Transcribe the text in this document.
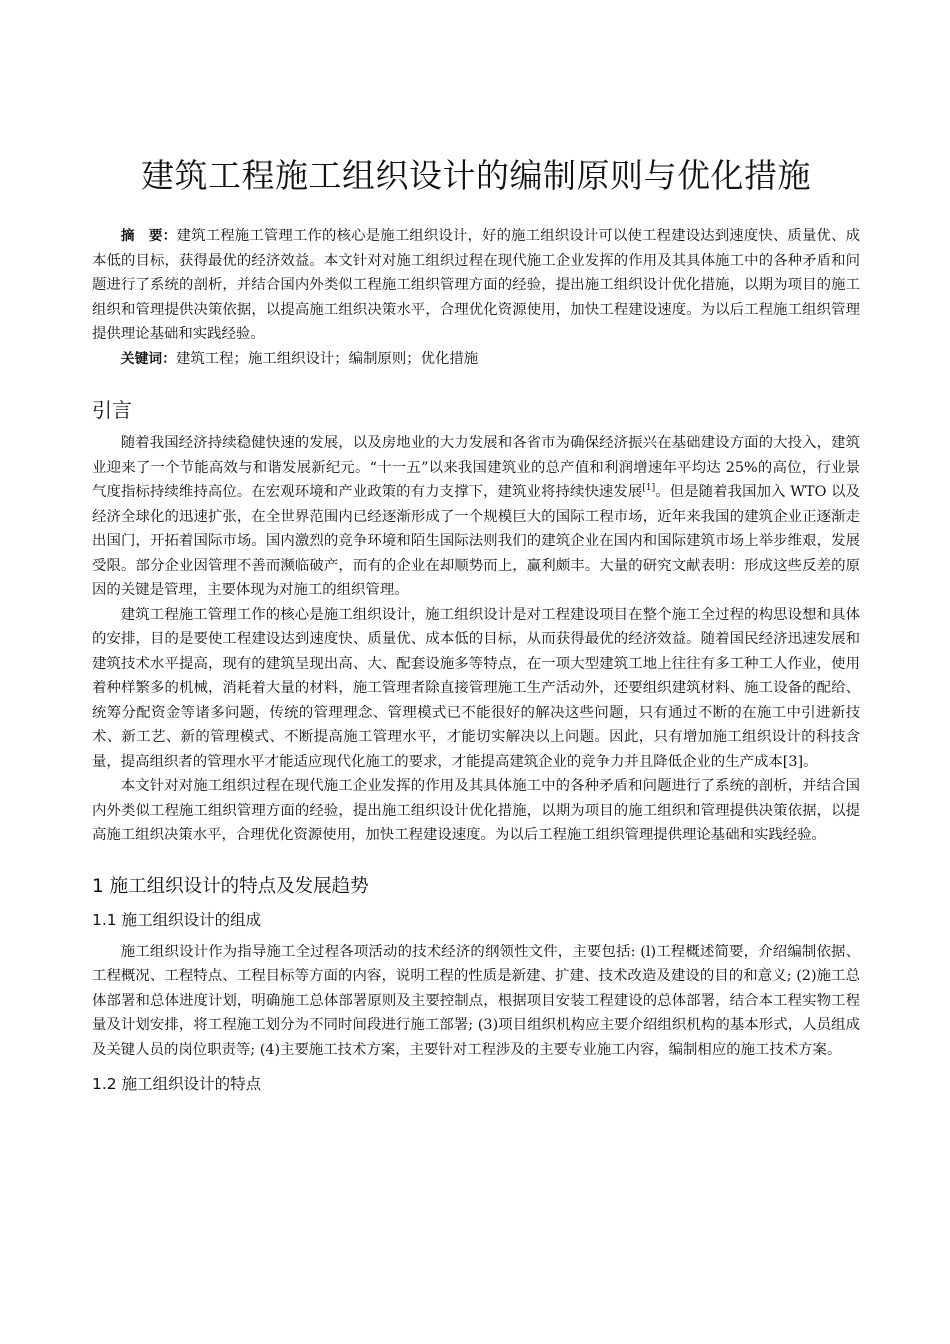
建筑工程施工组织设计的编制原则与优化措施

摘　要：建筑工程施工管理工作的核心是施工组织设计，好的施工组织设计可以使工程建设达到速度快、质量优、成本低的目标，获得最优的经济效益。本文针对对施工组织过程在现代施工企业发挥的作用及其具体施工中的各种矛盾和问题进行了系统的剖析，并结合国内外类似工程施工组织管理方面的经验，提出施工组织设计优化措施，以期为项目的施工组织和管理提供决策依据，以提高施工组织决策水平，合理优化资源使用，加快工程建设速度。为以后工程施工组织管理提供理论基础和实践经验。

关键词：建筑工程；施工组织设计；编制原则；优化措施

引言

随着我国经济持续稳健快速的发展，以及房地业的大力发展和各省市为确保经济振兴在基础建设方面的大投入，建筑业迎来了一个节能高效与和谐发展新纪元。“十一五”以来我国建筑业的总产值和利润增速年平均达 25%的高位，行业景气度指标持续维持高位。在宏观环境和产业政策的有力支撑下，建筑业将持续快速发展[1]。但是随着我国加入 WTO 以及经济全球化的迅速扩张，在全世界范围内已经逐渐形成了一个规模巨大的国际工程市场，近年来我国的建筑企业正逐渐走出国门，开拓着国际市场。国内激烈的竞争环境和陌生国际法则我们的建筑企业在国内和国际建筑市场上举步维艰，发展受限。部分企业因管理不善而濒临破产，而有的企业在却顺势而上，赢利颇丰。大量的研究文献表明：形成这些反差的原因的关键是管理，主要体现为对施工的组织管理。

建筑工程施工管理工作的核心是施工组织设计，施工组织设计是对工程建设项目在整个施工全过程的构思设想和具体的安排，目的是要使工程建设达到速度快、质量优、成本低的目标，从而获得最优的经济效益。随着国民经济迅速发展和建筑技术水平提高，现有的建筑呈现出高、大、配套设施多等特点，在一项大型建筑工地上往往有多工种工人作业，使用着种样繁多的机械，消耗着大量的材料，施工管理者除直接管理施工生产活动外，还要组织建筑材料、施工设备的配给、统筹分配资金等诸多问题，传统的管理理念、管理模式已不能很好的解决这些问题，只有通过不断的在施工中引进新技术、新工艺、新的管理模式、不断提高施工管理水平，才能切实解决以上问题。因此，只有增加施工组织设计的科技含量，提高组织者的管理水平才能适应现代化施工的要求，才能提高建筑企业的竞争力并且降低企业的生产成本[3]。

本文针对对施工组织过程在现代施工企业发挥的作用及其具体施工中的各种矛盾和问题进行了系统的剖析，并结合国内外类似工程施工组织管理方面的经验，提出施工组织设计优化措施，以期为项目的施工组织和管理提供决策依据，以提高施工组织决策水平，合理优化资源使用，加快工程建设速度。为以后工程施工组织管理提供理论基础和实践经验。

1 施工组织设计的特点及发展趋势
1.1 施工组织设计的组成

施工组织设计作为指导施工全过程各项活动的技术经济的纲领性文件，主要包括: (l)工程概述简要，介绍编制依据、工程概况、工程特点、工程目标等方面的内容，说明工程的性质是新建、扩建、技术改造及建设的目的和意义; (2)施工总体部署和总体进度计划，明确施工总体部署原则及主要控制点，根据项目安装工程建设的总体部署，结合本工程实物工程量及计划安排，将工程施工划分为不同时间段进行施工部署; (3)项目组织机构应主要介绍组织机构的基本形式，人员组成及关键人员的岗位职责等; (4)主要施工技术方案，主要针对工程涉及的主要专业施工内容，编制相应的施工技术方案。

1.2 施工组织设计的特点
